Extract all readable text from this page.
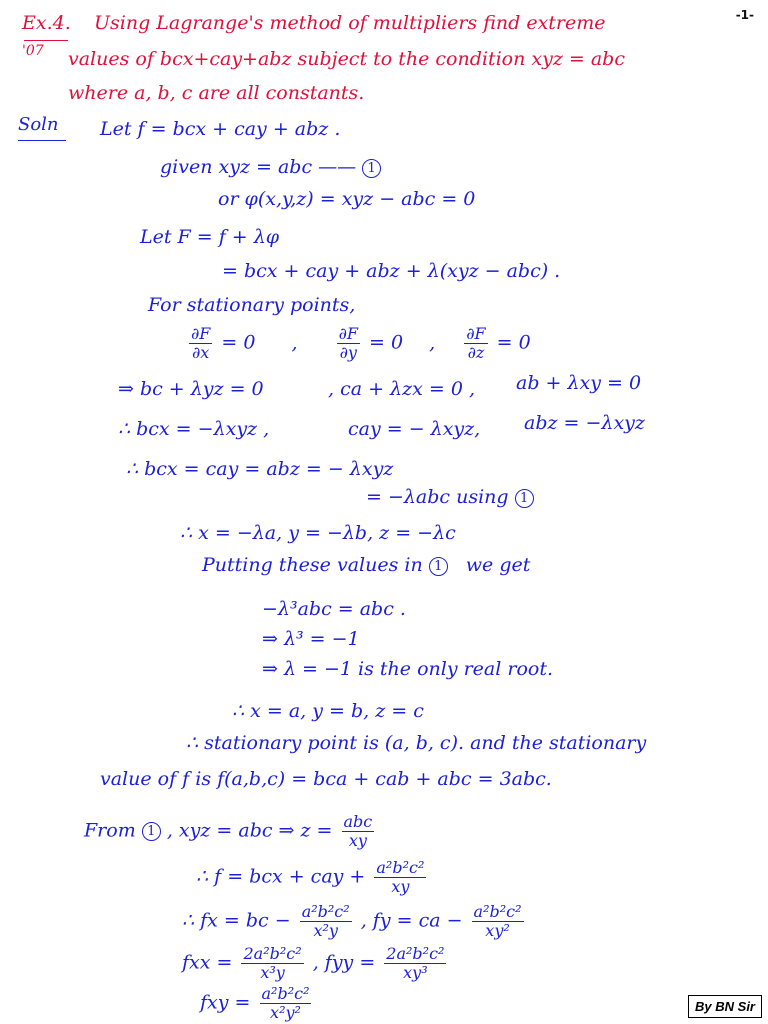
-1-
Ex.4.
'07
Using Lagrange's method of multipliers find extreme
values of bcx+cay+abz subject to the condition xyz = abc
where a, b, c are all constants.
Soln Let f = bcx + cay + abz .
given xyz = abc —— 1
or φ(x,y,z) = xyz − abc = 0
Let F = f + λφ
= bcx + cay + abz + λ(xyz − abc) .
For stationary points,
$\frac{\partial F}{\partial x} = 0$ , $\frac{\partial F}{\partial y} = 0$ , $\frac{\partial F}{\partial z} = 0$
⇒ bc + λyz = 0	, ca + λzx = 0 , ab + λxy = 0
∴ bcx = −λxyz ,	cay = − λxyz, abz = −λxyz
∴ bcx = cay = abz = − λxyz
= −λabc using 1
∴ x = −λa, y = −λb, z = −λc
Putting these values in 1 we get
−λ³abc = abc .
⇒ λ³ = −1
⇒ λ = −1 is the only real root.
∴ x = a, y = b, z = c
∴ stationary point is (a, b, c). and the stationary
value of f is f(a,b,c) = bca + cab + abc = 3abc.
From 1 , xyz = abc ⇒ $z = \frac{\text{abc}}{xy}$
∴ f = bcx + cay + $\frac{\text{a²b²c²}}{xy}$
∴ fx = bc − $\frac{\text{a²b²c²}}{\text{x²y}}$ , fy = ca − $\frac{\text{a²b²c²}}{\text{xy²}}$
fxx = $\frac{\text{2a²b²c²}}{\text{x³y}}$ , fyy = $\frac{\text{2a²b²c²}}{\text{xy³}}$
fxy = $\frac{\text{a²b²c²}}{\text{x²y²}}$	By BN Sir
